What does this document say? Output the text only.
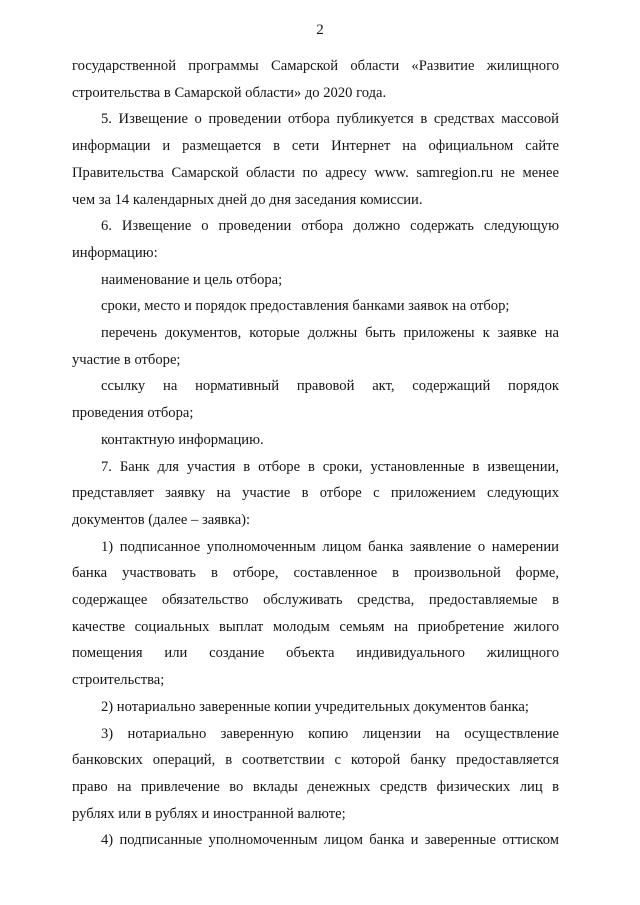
2
государственной программы Самарской области «Развитие жилищного
строительства в Самарской области» до 2020 года.
5. Извещение о проведении отбора публикуется в средствах массовой
информации и размещается в сети Интернет на официальном сайте
Правительства Самарской области по адресу www. samregion.ru не менее
чем за 14 календарных дней до дня заседания комиссии.
6. Извещение о проведении отбора должно содержать следующую
информацию:
наименование и цель отбора;
сроки, место и порядок предоставления банками заявок на отбор;
перечень документов, которые должны быть приложены к заявке на
участие в отборе;
ссылку на нормативный правовой акт, содержащий порядок
проведения отбора;
контактную информацию.
7. Банк для участия в отборе в сроки, установленные в извещении,
представляет заявку на участие в отборе с приложением следующих
документов (далее – заявка):
1) подписанное уполномоченным лицом банка заявление о намерении
банка участвовать в отборе, составленное в произвольной форме,
содержащее обязательство обслуживать средства, предоставляемые в
качестве социальных выплат молодым семьям на приобретение жилого
помещения или создание объекта индивидуального жилищного
строительства;
2) нотариально заверенные копии учредительных документов банка;
3) нотариально заверенную копию лицензии на осуществление
банковских операций, в соответствии с которой банку предоставляется
право на привлечение во вклады денежных средств физических лиц в
рублях или в рублях и иностранной валюте;
4) подписанные уполномоченным лицом банка и заверенные оттиском
